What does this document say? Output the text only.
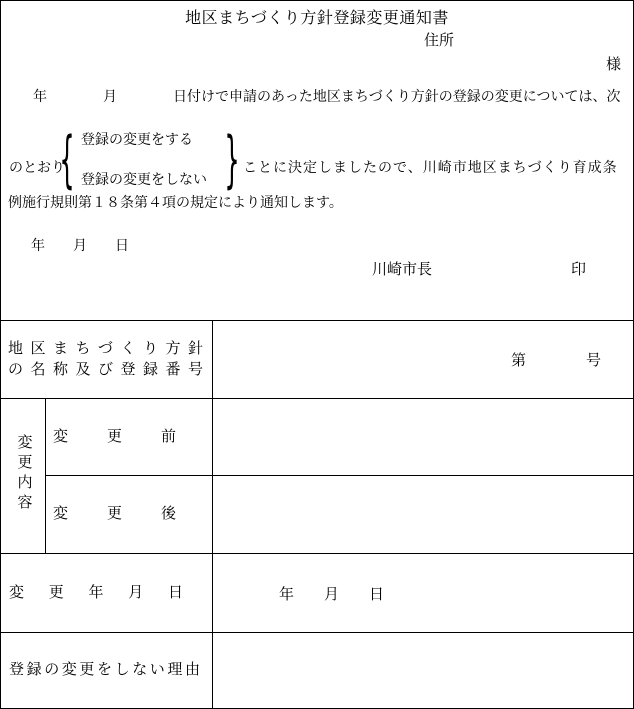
地区まちづくり方針登録変更通知書
住所
様
年　　　　月　　　　日付けで申請のあった地区まちづくり方針の登録の変更については、次
のとおり
{ 登録の変更をする
登録の変更をしない } ことに決定しましたので、川崎市地区まちづくり育成条
例施行規則第１８条第４項の規定により通知します。
年　　月　　日
川崎市長	印
地区まちづくり方針
の名称及び登録番号		第　　　　号

変更内容	変更前	

	変更後	

変更年月日		年　　月　　日

登録の変更をしない理由		
